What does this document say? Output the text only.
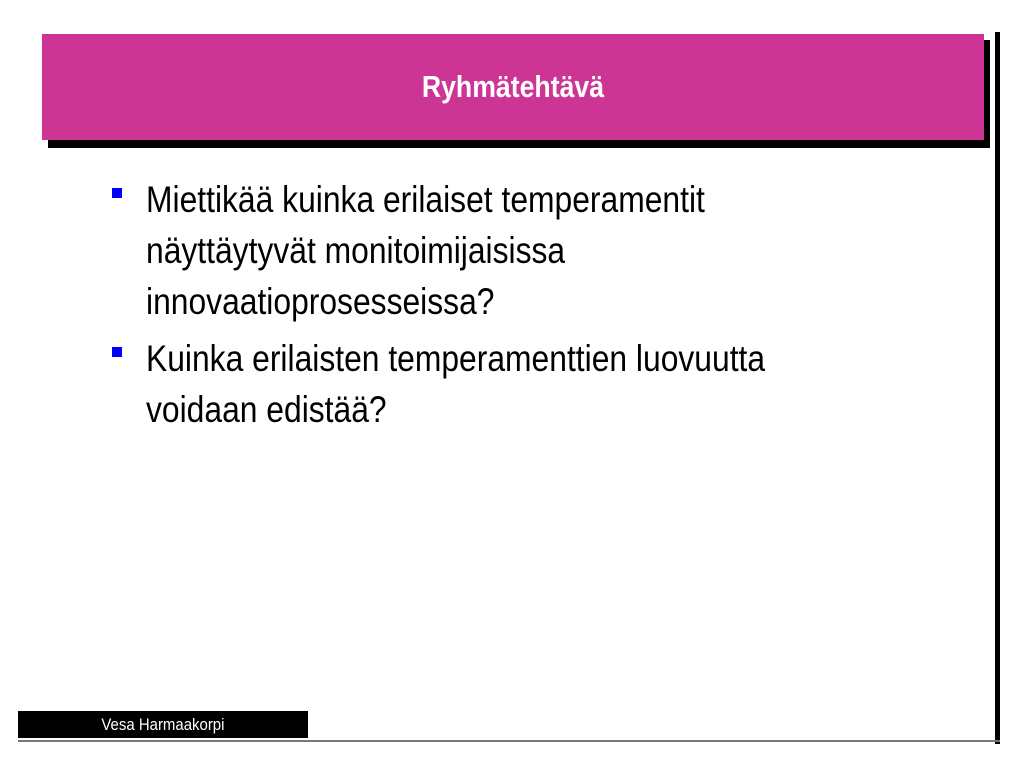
Ryhmätehtävä
Miettikää kuinka erilaiset temperamentit näyttäytyvät monitoimijaisissa innovaatioprosesseissa?
Kuinka erilaisten temperamenttien luovuutta voidaan edistää?
Vesa Harmaakorpi
